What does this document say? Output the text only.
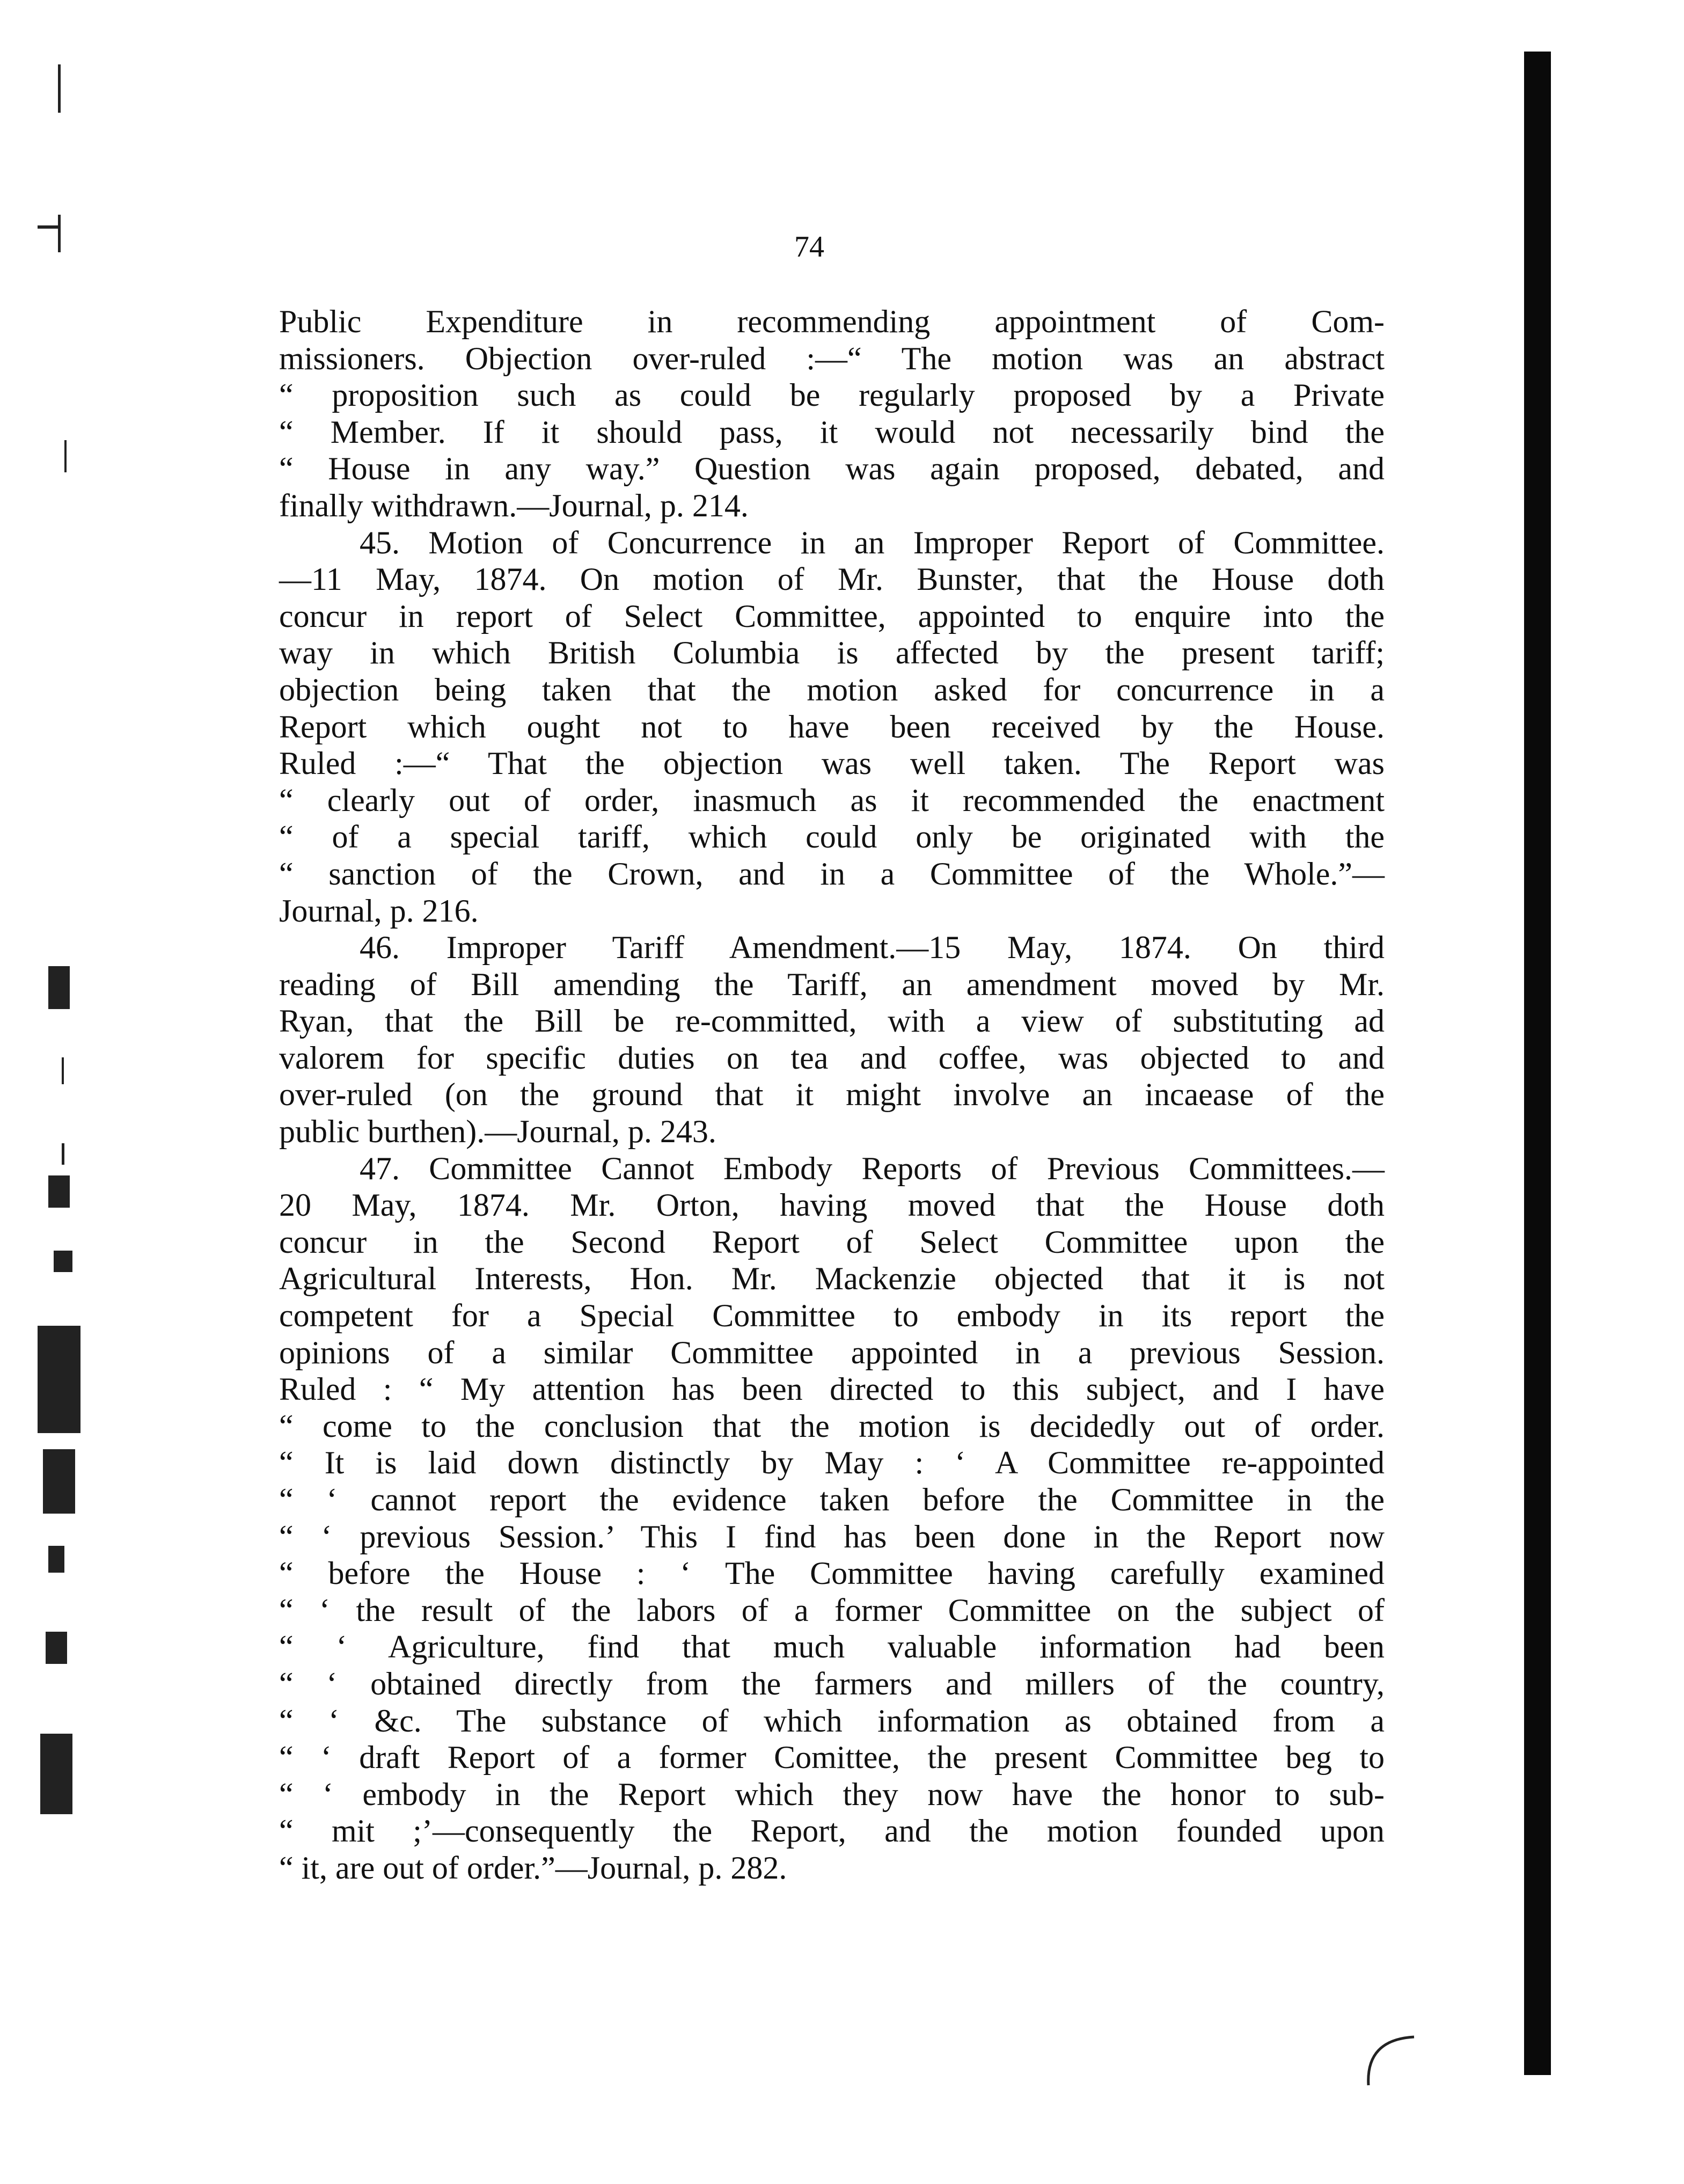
74
Public Expenditure in recommending appointment of Com-
missioners. Objection over-ruled :—“ The motion was an abstract
“ proposition such as could be regularly proposed by a Private
“ Member. If it should pass, it would not necessarily bind the
“ House in any way.” Question was again proposed, debated, and
finally withdrawn.—Journal, p. 214.
45. Motion of Concurrence in an Improper Report of Committee.
—11 May, 1874. On motion of Mr. Bunster, that the House doth
concur in report of Select Committee, appointed to enquire into the
way in which British Columbia is affected by the present tariff;
objection being taken that the motion asked for concurrence in a
Report which ought not to have been received by the House.
Ruled :—“ That the objection was well taken. The Report was
“ clearly out of order, inasmuch as it recommended the enactment
“ of a special tariff, which could only be originated with the
“ sanction of the Crown, and in a Committee of the Whole.”—
Journal, p. 216.
46. Improper Tariff Amendment.—15 May, 1874. On third
reading of Bill amending the Tariff, an amendment moved by Mr.
Ryan, that the Bill be re-committed, with a view of substituting ad
valorem for specific duties on tea and coffee, was objected to and
over-ruled (on the ground that it might involve an incaease of the
public burthen).—Journal, p. 243.
47. Committee Cannot Embody Reports of Previous Committees.—
20 May, 1874. Mr. Orton, having moved that the House doth
concur in the Second Report of Select Committee upon the
Agricultural Interests, Hon. Mr. Mackenzie objected that it is not
competent for a Special Committee to embody in its report the
opinions of a similar Committee appointed in a previous Session.
Ruled : “ My attention has been directed to this subject, and I have
“ come to the conclusion that the motion is decidedly out of order.
“ It is laid down distinctly by May : ‘ A Committee re-appointed
“ ‘ cannot report the evidence taken before the Committee in the
“ ‘ previous Session.’ This I find has been done in the Report now
“ before the House : ‘ The Committee having carefully examined
“ ‘ the result of the labors of a former Committee on the subject of
“ ‘ Agriculture, find that much valuable information had been
“ ‘ obtained directly from the farmers and millers of the country,
“ ‘ &c. The substance of which information as obtained from a
“ ‘ draft Report of a former Comittee, the present Committee beg to
“ ‘ embody in the Report which they now have the honor to sub-
“ mit ;’—consequently the Report, and the motion founded upon
“ it, are out of order.”—Journal, p. 282.
